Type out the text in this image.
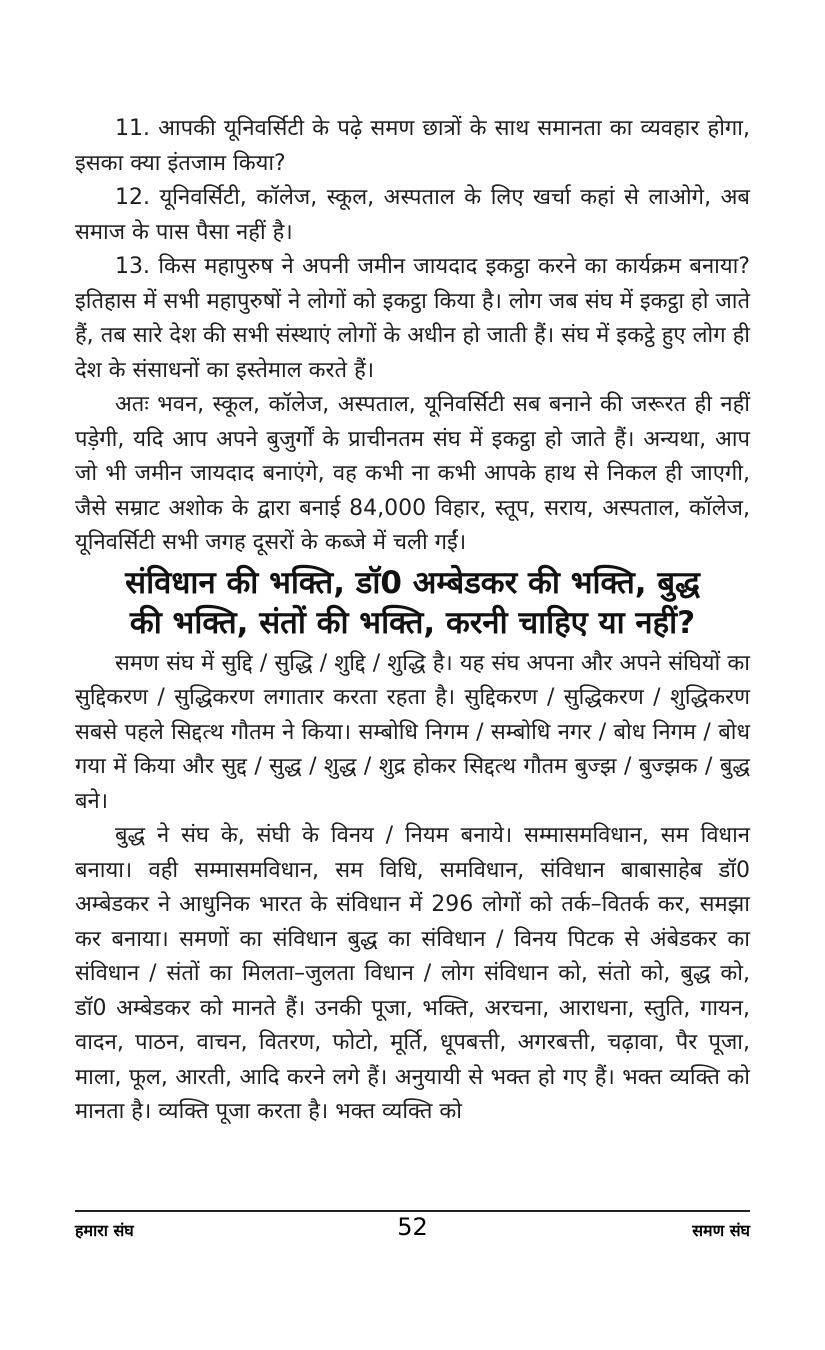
11. आपकी यूनिवर्सिटी के पढ़े समण छात्रों के साथ समानता का व्यवहार होगा, इसका क्या इंतजाम किया?

12. यूनिवर्सिटी, कॉलेज, स्कूल, अस्पताल के लिए खर्चा कहां से लाओगे, अब समाज के पास पैसा नहीं है।

13. किस महापुरुष ने अपनी जमीन जायदाद इकट्ठा करने का कार्यक्रम बनाया? इतिहास में सभी महापुरुषों ने लोगों को इकट्ठा किया है। लोग जब संघ में इकट्ठा हो जाते हैं, तब सारे देश की सभी संस्थाएं लोगों के अधीन हो जाती हैं। संघ में इकट्ठे हुए लोग ही देश के संसाधनों का इस्तेमाल करते हैं।

अतः भवन, स्कूल, कॉलेज, अस्पताल, यूनिवर्सिटी सब बनाने की जरूरत ही नहीं पड़ेगी, यदि आप अपने बुजुर्गों के प्राचीनतम संघ में इकट्ठा हो जाते हैं। अन्यथा, आप जो भी जमीन जायदाद बनाएंगे, वह कभी ना कभी आपके हाथ से निकल ही जाएगी, जैसे सम्राट अशोक के द्वारा बनाई 84,000 विहार, स्तूप, सराय, अस्पताल, कॉलेज, यूनिवर्सिटी सभी जगह दूसरों के कब्जे में चली गईं।

संविधान की भक्ति, डॉ0 अम्बेडकर की भक्ति, बुद्ध
की भक्ति, संतों की भक्ति, करनी चाहिए या नहीं?

समण संघ में सुद्दि / सुद्धि / शुद्दि / शुद्धि है। यह संघ अपना और अपने संघियों का सुद्दिकरण / सुद्धिकरण लगातार करता रहता है। सुद्दिकरण / सुद्धिकरण / शुद्धिकरण सबसे पहले सिद्दत्थ गौतम ने किया। सम्बोधि निगम / सम्बोधि नगर / बोध निगम / बोध गया में किया और सुद्द / सुद्ध / शुद्ध / शुद्र होकर सिद्दत्थ गौतम बुज्झ / बुज्झक / बुद्ध बने।

बुद्ध ने संघ के, संघी के विनय / नियम बनाये। सम्मासमविधान, सम विधान बनाया। वही सम्मासमविधान, सम विधि, समविधान, संविधान बाबासाहेब डॉ0 अम्बेडकर ने आधुनिक भारत के संविधान में 296 लोगों को तर्क–वितर्क कर, समझा कर बनाया। समणों का संविधान बुद्ध का संविधान / विनय पिटक से अंबेडकर का संविधान / संतों का मिलता–जुलता विधान / लोग संविधान को, संतो को, बुद्ध को, डॉ0 अम्बेडकर को मानते हैं। उनकी पूजा, भक्ति, अरचना, आराधना, स्तुति, गायन, वादन, पाठन, वाचन, वितरण, फोटो, मूर्ति, धूपबत्ती, अगरबत्ती, चढ़ावा, पैर पूजा, माला, फूल, आरती, आदि करने लगे हैं। अनुयायी से भक्त हो गए हैं। भक्त व्यक्ति को मानता है। व्यक्ति पूजा करता है। भक्त व्यक्ति को

हमारा संघ	52	समण संघ
